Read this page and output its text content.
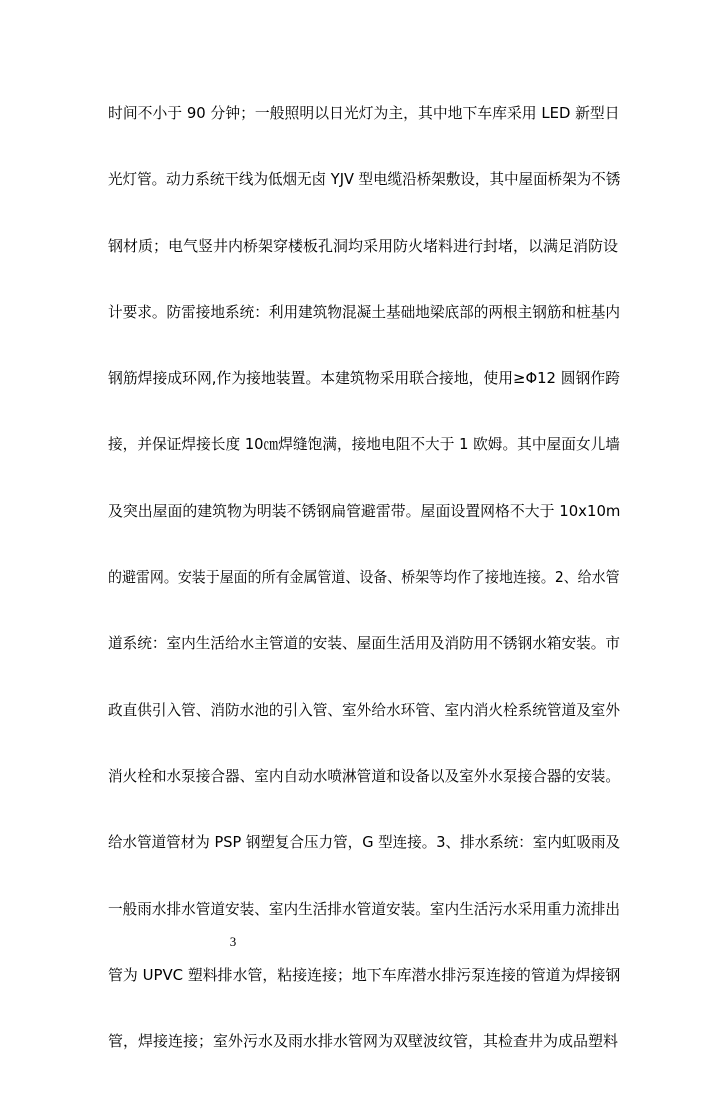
时间不小于 90 分钟；一般照明以日光灯为主，其中地下车库采用 LED 新型日
光灯管。动力系统干线为低烟无卤 YJV 型电缆沿桥架敷设，其中屋面桥架为不锈
钢材质；电气竖井内桥架穿楼板孔洞均采用防火堵料进行封堵，以满足消防设
计要求。防雷接地系统：利用建筑物混凝土基础地梁底部的两根主钢筋和桩基内
钢筋焊接成环网,作为接地装置。本建筑物采用联合接地，使用≥Φ12 圆钢作跨
接，并保证焊接长度 10㎝焊缝饱满，接地电阻不大于 1 欧姆。其中屋面女儿墙
及突出屋面的建筑物为明装不锈钢扁管避雷带。屋面设置网格不大于 10x10m
的避雷网。安装于屋面的所有金属管道、设备、桥架等均作了接地连接。2、给水管
道系统：室内生活给水主管道的安装、屋面生活用及消防用不锈钢水箱安装。市
政直供引入管、消防水池的引入管、室外给水环管、室内消火栓系统管道及室外
消火栓和水泵接合器、室内自动水喷淋管道和设备以及室外水泵接合器的安装。
给水管道管材为 PSP 钢塑复合压力管，G 型连接。3、排水系统：室内虹吸雨及
一般雨水排水管道安装、室内生活排水管道安装。室内生活污水采用重力流排出
管为 UPVC 塑料排水管，粘接连接；地下车库潜水排污泵连接的管道为焊接钢
管，焊接连接；室外污水及雨水排水管网为双壁波纹管，其检查井为成品塑料
3
